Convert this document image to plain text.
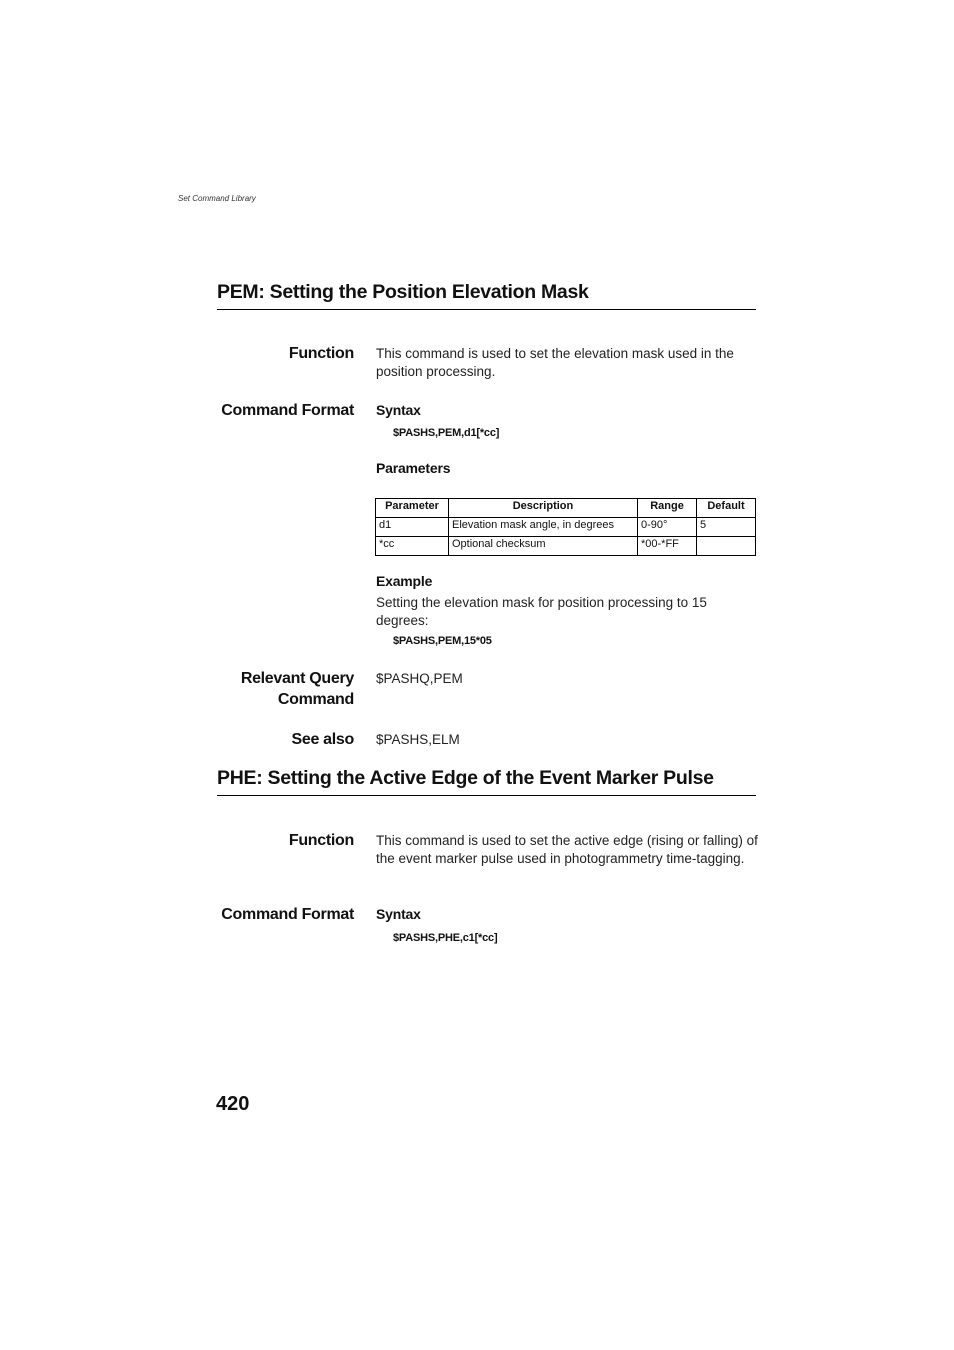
Set Command Library
PEM: Setting the Position Elevation Mask
Function This command is used to set the elevation mask used in the position processing.
Command Format Syntax
$PASHS,PEM,d1[*cc]
Parameters
Parameter	Description	Range	Default
d1	Elevation mask angle, in degrees	0-90°	5
*cc	Optional checksum	*00-*FF	
Example
Setting the elevation mask for position processing to 15 degrees:
$PASHS,PEM,15*05
Relevant Query
Command
$PASHQ,PEM
See also $PASHS,ELM
PHE: Setting the Active Edge of the Event Marker Pulse
Function This command is used to set the active edge (rising or falling) of the event marker pulse used in photogrammetry time-tagging.
Command Format Syntax
$PASHS,PHE,c1[*cc]
420
